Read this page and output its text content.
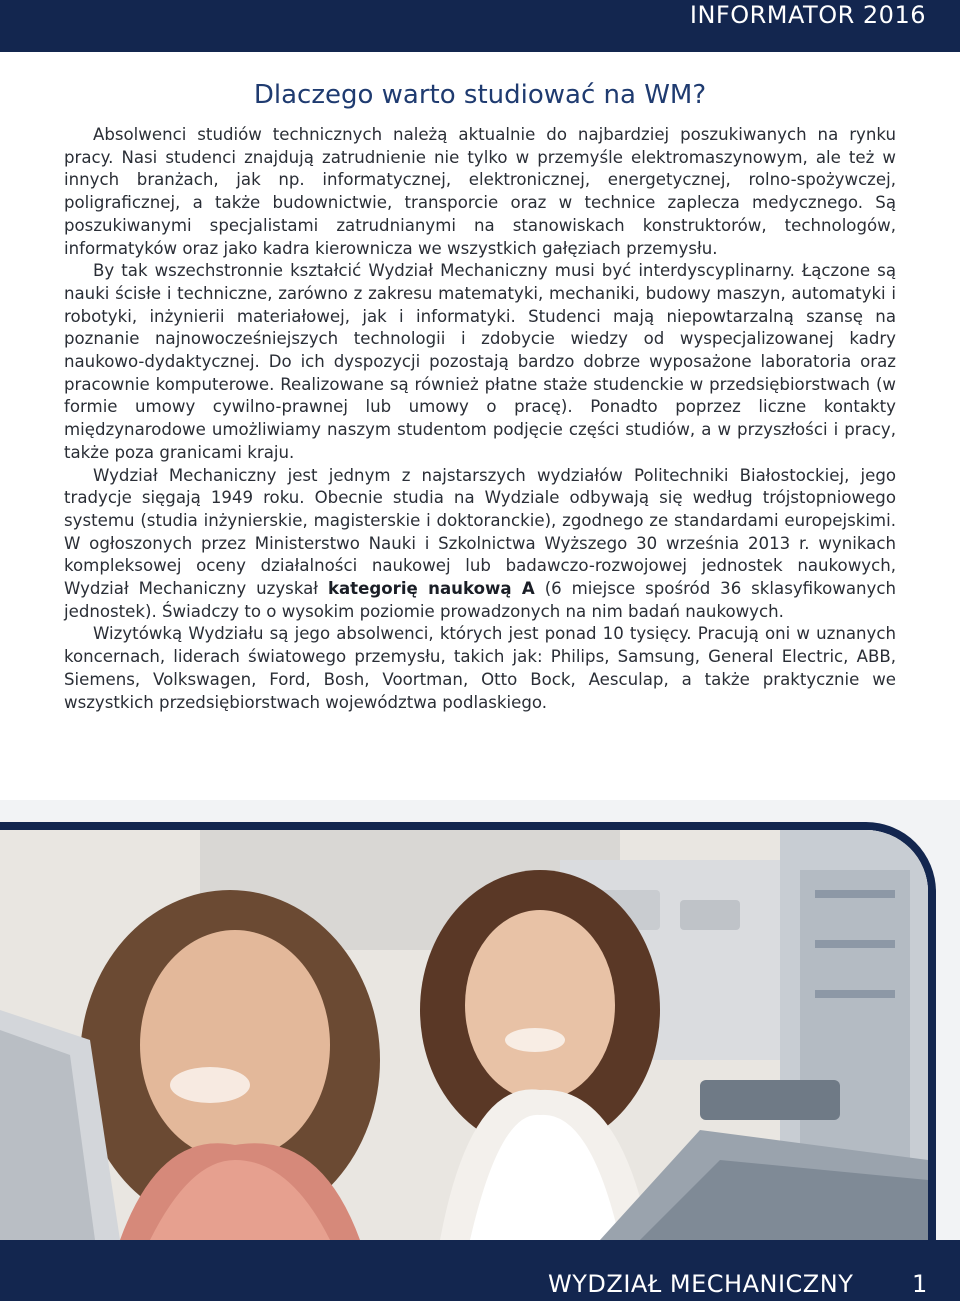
INFORMATOR 2016
Dlaczego warto studiować na WM?

Absolwenci studiów technicznych należą aktualnie do najbardziej poszukiwanych na rynku pracy. Nasi studenci znajdują zatrudnienie nie tylko w przemyśle elektromaszynowym, ale też w innych branżach, jak np. informatycznej, elektronicznej, energetycznej, rolno-spożywczej, poligraficznej, a także budownictwie, transporcie oraz w technice zaplecza medycznego. Są poszukiwanymi specjalistami zatrudnianymi na stanowiskach konstruktorów, technologów, informatyków oraz jako kadra kierownicza we wszystkich gałęziach przemysłu.

By tak wszechstronnie kształcić Wydział Mechaniczny musi być interdyscyplinarny. Łączone są nauki ścisłe i techniczne, zarówno z zakresu matematyki, mechaniki, budowy maszyn, automatyki i robotyki, inżynierii materiałowej, jak i informatyki. Studenci mają niepowtarzalną szansę na poznanie najnowocześniejszych technologii i zdobycie wiedzy od wyspecjalizowanej kadry naukowo-dydaktycznej. Do ich dyspozycji pozostają bardzo dobrze wyposażone laboratoria oraz pracownie komputerowe. Realizowane są również płatne staże studenckie w przedsiębiorstwach (w formie umowy cywilno-prawnej lub umowy o pracę). Ponadto poprzez liczne kontakty międzynarodowe umożliwiamy naszym studentom podjęcie części studiów, a w przyszłości i pracy, także poza granicami kraju.

Wydział Mechaniczny jest jednym z najstarszych wydziałów Politechniki Białostockiej, jego tradycje sięgają 1949 roku. Obecnie studia na Wydziale odbywają się według trójstopniowego systemu (studia inżynierskie, magisterskie i doktoranckie), zgodnego ze standardami europejskimi. W ogłoszonych przez Ministerstwo Nauki i Szkolnictwa Wyższego 30 września 2013 r. wynikach kompleksowej oceny działalności naukowej lub badawczo-rozwojowej jednostek naukowych, Wydział Mechaniczny uzyskał kategorię naukową A (6 miejsce spośród 36 sklasyfikowanych jednostek). Świadczy to o wysokim poziomie prowadzonych na nim badań naukowych.

Wizytówką Wydziału są jego absolwenci, których jest ponad 10 tysięcy. Pracują oni w uznanych koncernach, liderach światowego przemysłu, takich jak: Philips, Samsung, General Electric, ABB, Siemens, Volkswagen, Ford, Bosh, Voortman, Otto Bock, Aesculap, a także praktycznie we wszystkich przedsiębiorstwach województwa podlaskiego.

WYDZIAŁ MECHANICZNY 1
